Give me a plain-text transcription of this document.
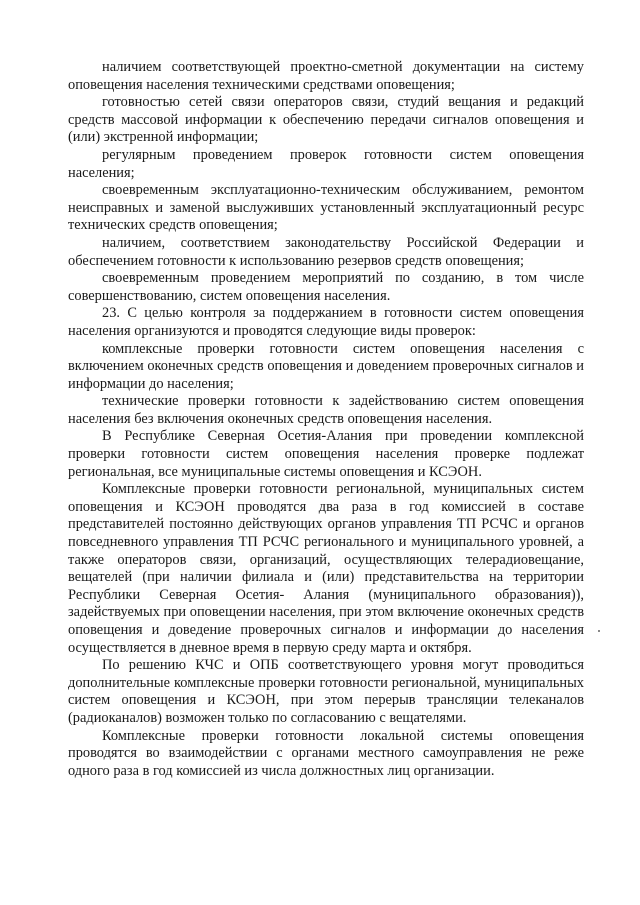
наличием соответствующей проектно-сметной документации на систему оповещения населения техническими средствами оповещения;

готовностью сетей связи операторов связи, студий вещания и редакций средств массовой информации к обеспечению передачи сигналов оповещения и (или) экстренной информации;

регулярным проведением проверок готовности систем оповещения населения;

своевременным эксплуатационно-техническим обслуживанием, ремонтом неисправных и заменой выслуживших установленный эксплуатационный ресурс технических средств оповещения;

наличием, соответствием законодательству Российской Федерации и обеспечением готовности к использованию резервов средств оповещения;

своевременным проведением мероприятий по созданию, в том числе совершенствованию, систем оповещения населения.

23. С целью контроля за поддержанием в готовности систем оповещения населения организуются и проводятся следующие виды проверок:

комплексные проверки готовности систем оповещения населения с включением оконечных средств оповещения и доведением проверочных сигналов и информации до населения;

технические проверки готовности к задействованию систем оповещения населения без включения оконечных средств оповещения населения.

В Республике Северная Осетия-Алания при проведении комплексной проверки готовности систем оповещения населения проверке подлежат региональная, все муниципальные системы оповещения и КСЭОН.

Комплексные проверки готовности региональной, муниципальных систем оповещения и КСЭОН проводятся два раза в год комиссией в составе представителей постоянно действующих органов управления ТП РСЧС и органов повседневного управления ТП РСЧС регионального и муниципального уровней, а также операторов связи, организаций, осуществляющих телерадиовещание, вещателей (при наличии филиала и (или) представительства на территории Республики Северная Осетия- Алания (муниципального образования)), задействуемых при оповещении населения, при этом включение оконечных средств оповещения и доведение проверочных сигналов и информации до населения осуществляется в дневное время в первую среду марта и октября.

По решению КЧС и ОПБ соответствующего уровня могут проводиться дополнительные комплексные проверки готовности региональной, муниципальных систем оповещения и КСЭОН, при этом перерыв трансляции телеканалов (радиоканалов) возможен только по согласованию с вещателями.

Комплексные проверки готовности локальной системы оповещения проводятся во взаимодействии с органами местного самоуправления не реже одного раза в год комиссией из числа должностных лиц организации.
